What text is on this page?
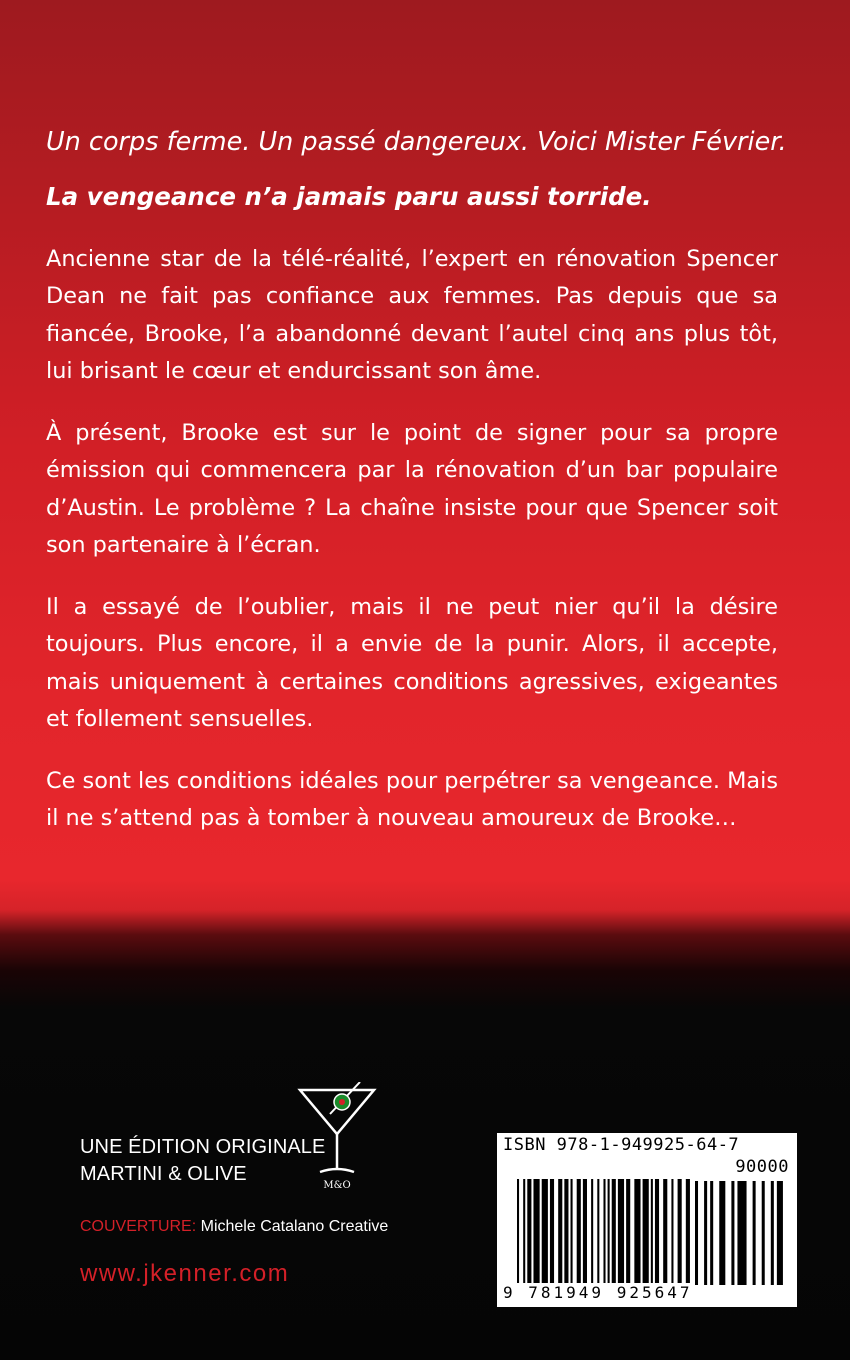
Un corps ferme. Un passé dangereux. Voici Mister Février.

La vengeance n’a jamais paru aussi torride.

Ancienne star de la télé-réalité, l’expert en rénovation Spencer Dean ne fait pas confiance aux femmes. Pas depuis que sa fiancée, Brooke, l’a abandonné devant l’autel cinq ans plus tôt, lui brisant le cœur et endurcissant son âme.

À présent, Brooke est sur le point de signer pour sa propre émission qui commencera par la rénovation d’un bar populaire d’Austin. Le problème ? La chaîne insiste pour que Spencer soit son partenaire à l’écran.

Il a essayé de l’oublier, mais il ne peut nier qu’il la désire toujours. Plus encore, il a envie de la punir. Alors, il accepte, mais uniquement à certaines conditions agressives, exigeantes et follement sensuelles.

Ce sont les conditions idéales pour perpétrer sa vengeance. Mais il ne s’attend pas à tomber à nouveau amoureux de Brooke…

UNE ÉDITION ORIGINALE
MARTINI & OLIVE
M&O
COUVERTURE: Michele Catalano Creative
www.jkenner.com
ISBN 978-1-949925-64-7
90000
9 781949 925647
